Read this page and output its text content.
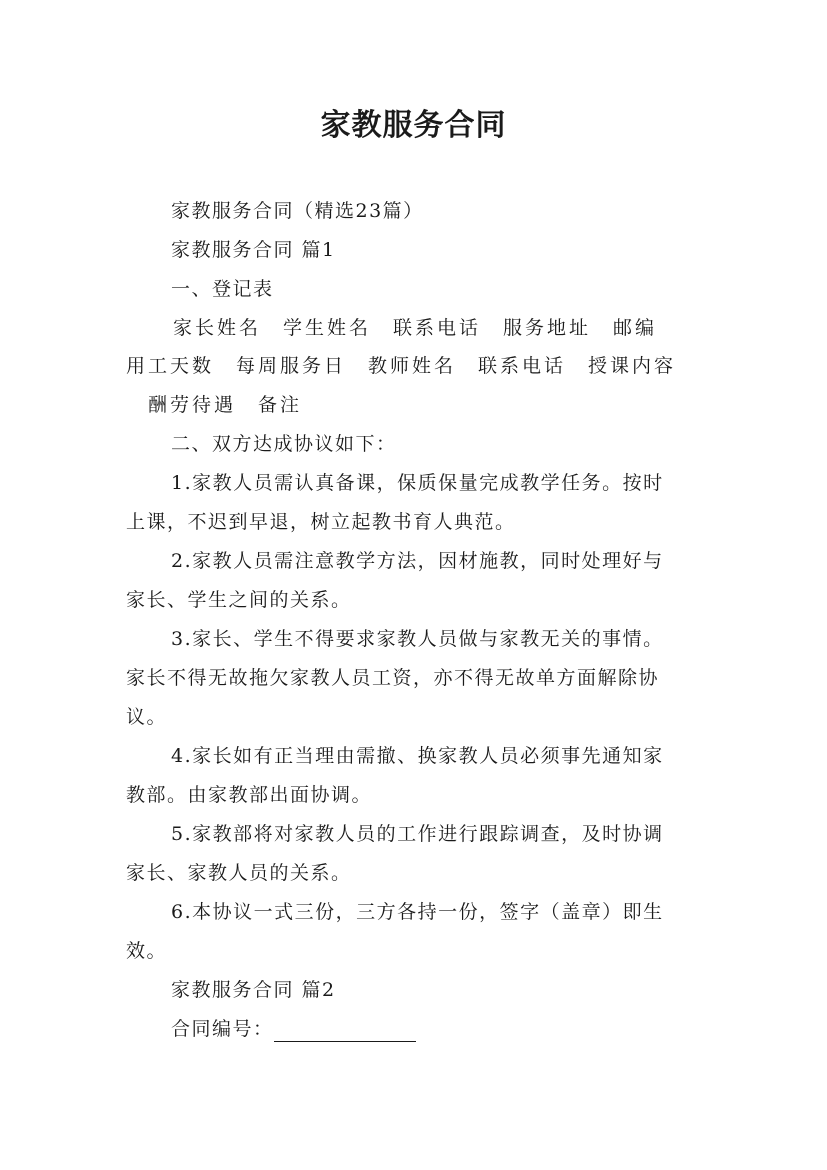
家教服务合同
家教服务合同（精选23篇）
家教服务合同 篇1
一、登记表
家长姓名　学生姓名　联系电话　服务地址　邮编
用工天数　每周服务日　教师姓名　联系电话　授课内容
酬劳待遇　备注
二、双方达成协议如下：
1.家教人员需认真备课，保质保量完成教学任务。按时
上课，不迟到早退，树立起教书育人典范。
2.家教人员需注意教学方法，因材施教，同时处理好与
家长、学生之间的关系。
3.家长、学生不得要求家教人员做与家教无关的事情。
家长不得无故拖欠家教人员工资，亦不得无故单方面解除协
议。
4.家长如有正当理由需撤、换家教人员必须事先通知家
教部。由家教部出面协调。
5.家教部将对家教人员的工作进行跟踪调查，及时协调
家长、家教人员的关系。
6.本协议一式三份，三方各持一份，签字（盖章）即生
效。
家教服务合同 篇2
合同编号：
